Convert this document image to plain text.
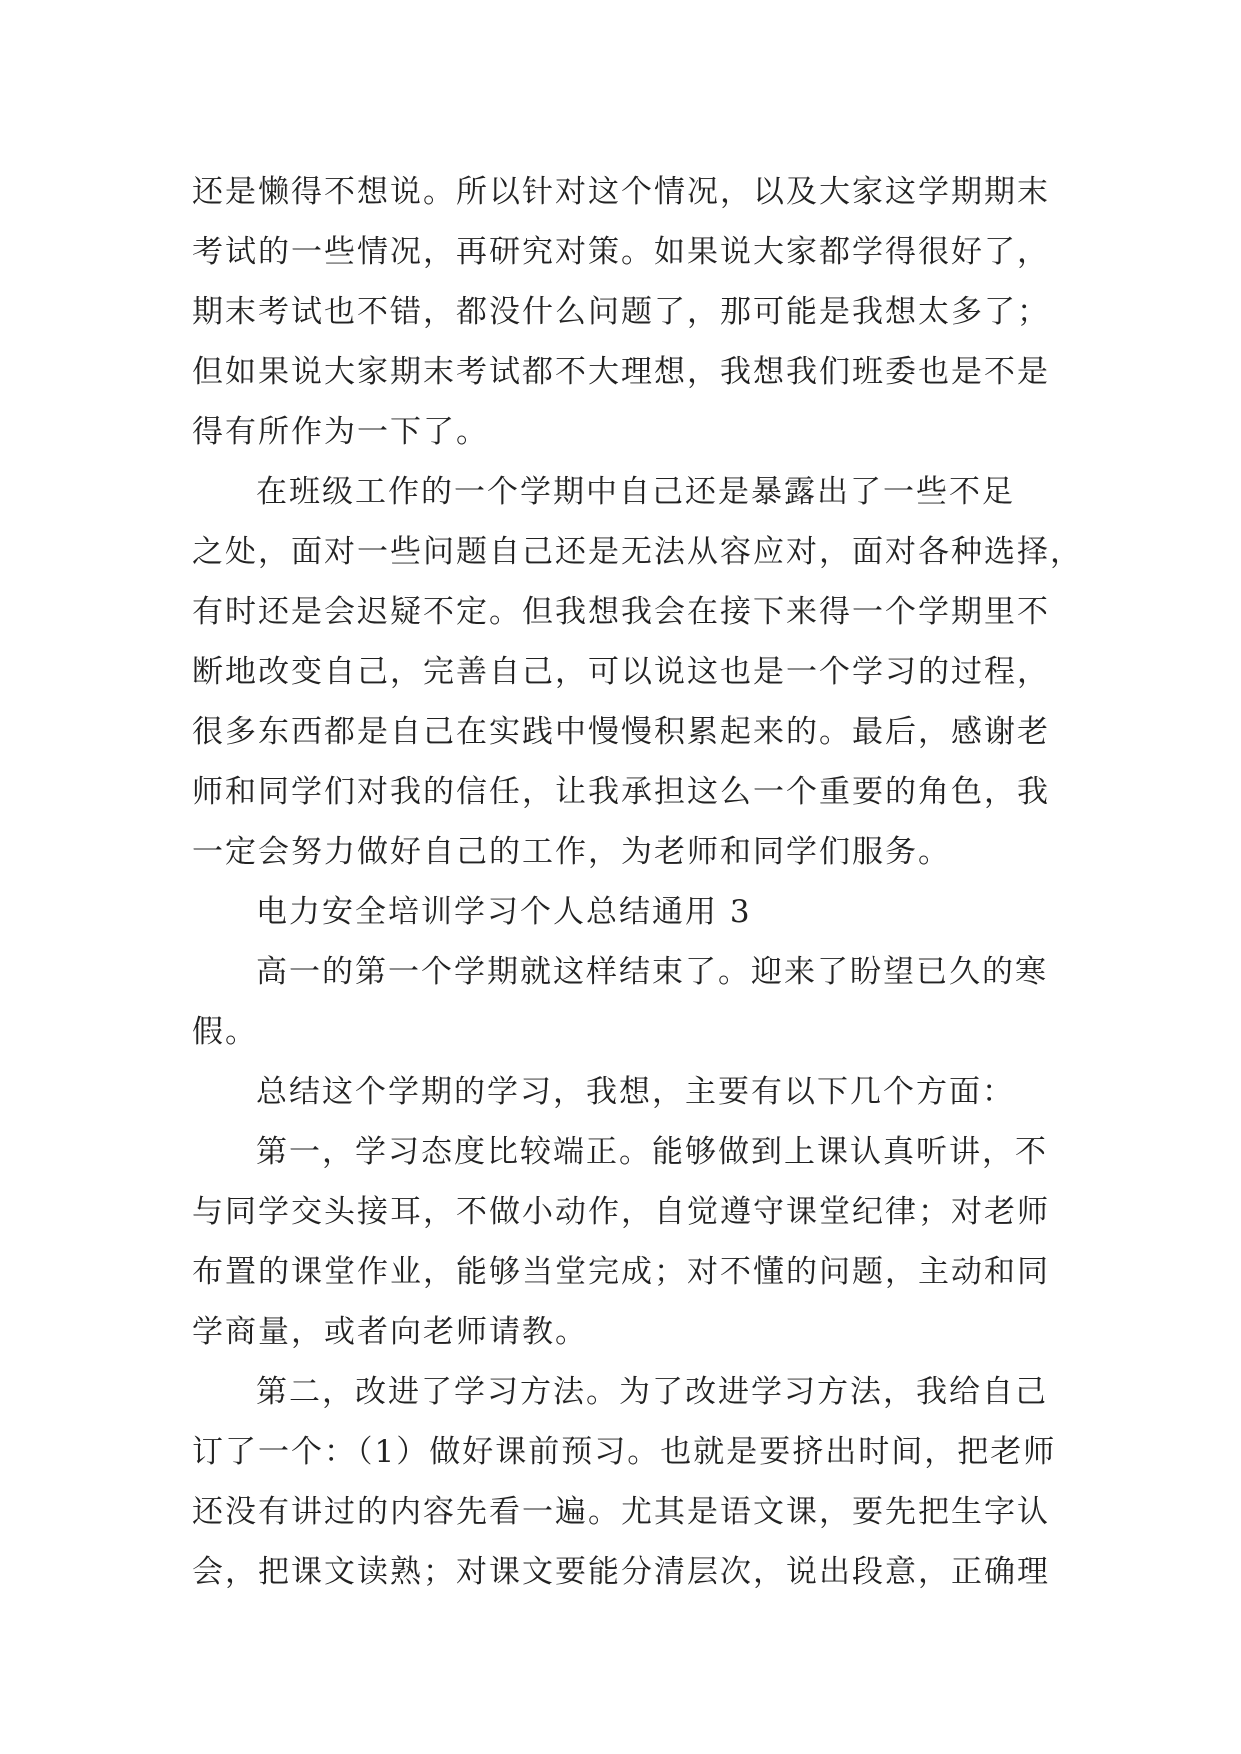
还是懒得不想说。所以针对这个情况，以及大家这学期期末
考试的一些情况，再研究对策。如果说大家都学得很好了，
期末考试也不错，都没什么问题了，那可能是我想太多了；
但如果说大家期末考试都不大理想，我想我们班委也是不是
得有所作为一下了。
在班级工作的一个学期中自己还是暴露出了一些不足
之处，面对一些问题自己还是无法从容应对，面对各种选择，
有时还是会迟疑不定。但我想我会在接下来得一个学期里不
断地改变自己，完善自己，可以说这也是一个学习的过程，
很多东西都是自己在实践中慢慢积累起来的。最后，感谢老
师和同学们对我的信任，让我承担这么一个重要的角色，我
一定会努力做好自己的工作，为老师和同学们服务。
电力安全培训学习个人总结通用 3
高一的第一个学期就这样结束了。迎来了盼望已久的寒
假。
总结这个学期的学习，我想，主要有以下几个方面：
第一，学习态度比较端正。能够做到上课认真听讲，不
与同学交头接耳，不做小动作，自觉遵守课堂纪律；对老师
布置的课堂作业，能够当堂完成；对不懂的问题，主动和同
学商量，或者向老师请教。
第二，改进了学习方法。为了改进学习方法，我给自己
订了一个：（1）做好课前预习。也就是要挤出时间，把老师
还没有讲过的内容先看一遍。尤其是语文课，要先把生字认
会，把课文读熟；对课文要能分清层次，说出段意，正确理
